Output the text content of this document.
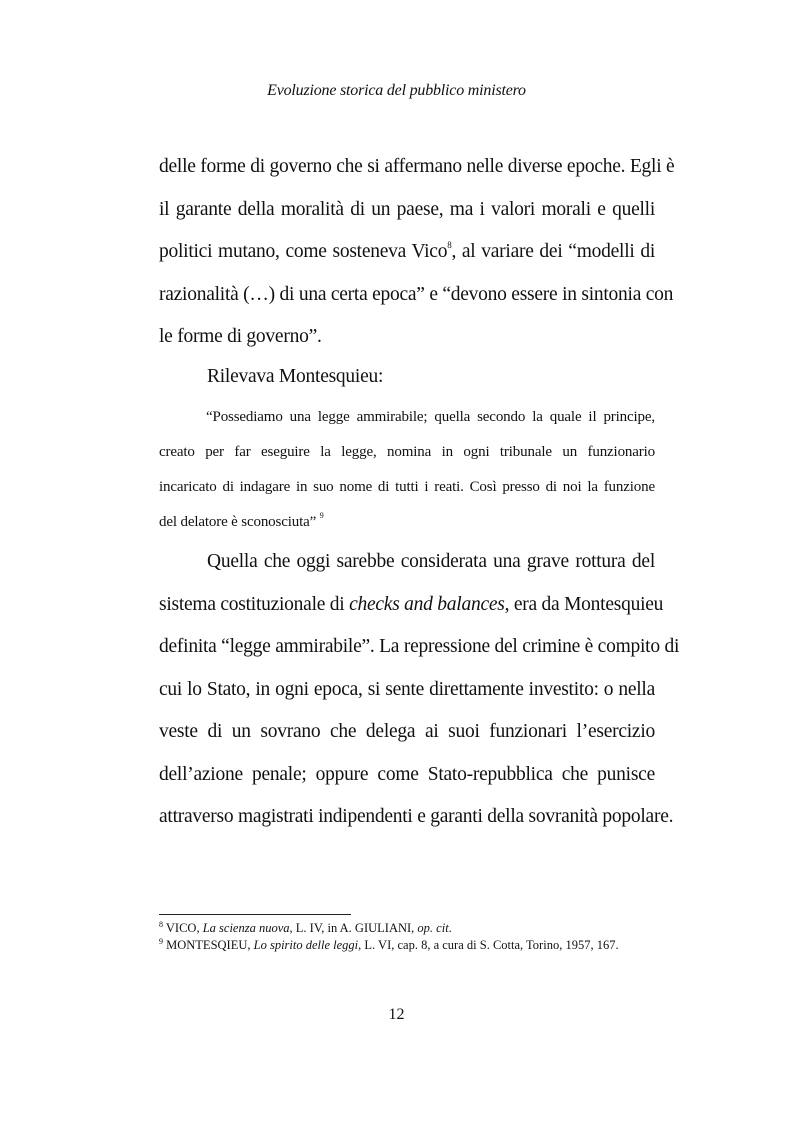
Evoluzione storica del pubblico ministero
delle forme di governo che si affermano nelle diverse epoche. Egli è
il garante della moralità di un paese, ma i valori morali e quelli
politici mutano, come sosteneva Vico$^8$, al variare dei “modelli di
razionalità (…) di una certa epoca” e “devono essere in sintonia con
le forme di governo”.
Rilevava Montesquieu:
“Possediamo una legge ammirabile; quella secondo la quale il principe,
creato per far eseguire la legge, nomina in ogni tribunale un funzionario
incaricato di indagare in suo nome di tutti i reati. Così presso di noi la funzione
del delatore è sconosciuta” $^9$
Quella che oggi sarebbe considerata una grave rottura del
sistema costituzionale di checks and balances, era da Montesquieu
definita “legge ammirabile”. La repressione del crimine è compito di
cui lo Stato, in ogni epoca, si sente direttamente investito: o nella
veste di un sovrano che delega ai suoi funzionari l’esercizio
dell’azione penale; oppure come Stato-repubblica che punisce
attraverso magistrati indipendenti e garanti della sovranità popolare.
$^8$ VICO, La scienza nuova, L. IV, in A. GIULIANI, op. cit.
$^9$ MONTESQIEU, Lo spirito delle leggi, L. VI, cap. 8, a cura di S. Cotta, Torino, 1957, 167.
12
